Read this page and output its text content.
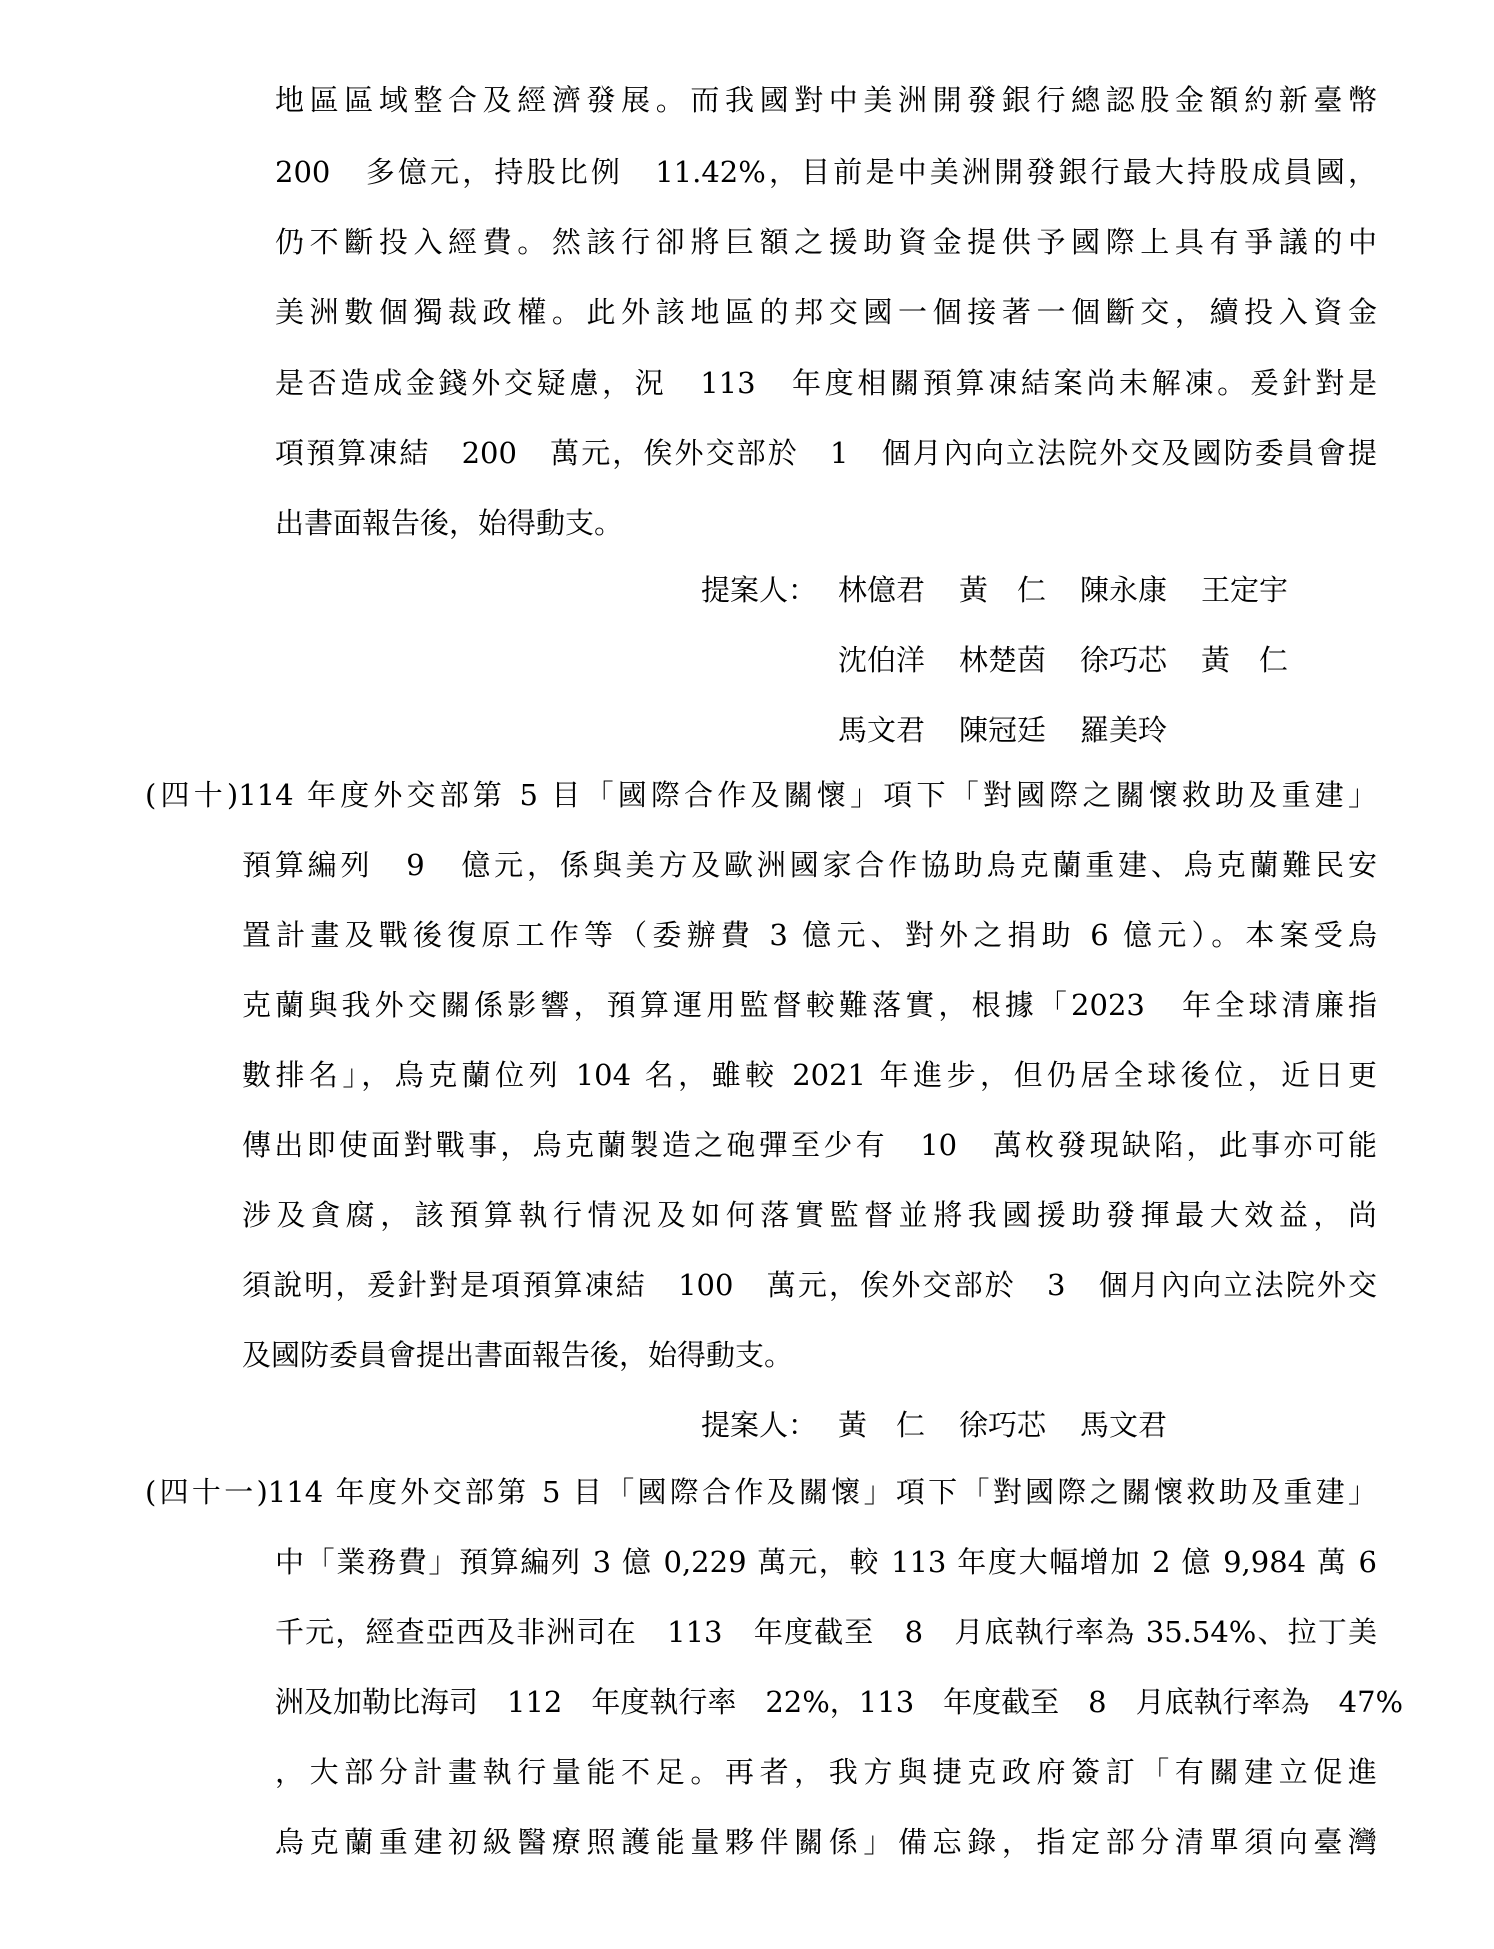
地區區域整合及經濟發展。而我國對中美洲開發銀行總認股金額約新臺幣
200　多億元，持股比例　11.42%，目前是中美洲開發銀行最大持股成員國，
仍不斷投入經費。然該行卻將巨額之援助資金提供予國際上具有爭議的中
美洲數個獨裁政權。此外該地區的邦交國一個接著一個斷交，續投入資金
是否造成金錢外交疑慮，況　113　年度相關預算凍結案尚未解凍。爰針對是
項預算凍結　200　萬元，俟外交部於　1　個月內向立法院外交及國防委員會提
出書面報告後，始得動支。
提案人： 林億君 黃　仁 陳永康 王定宇
沈伯洋 林楚茵 徐巧芯 黃　仁
馬文君 陳冠廷 羅美玲
(四十)114 年度外交部第 5 目「國際合作及關懷」項下「對國際之關懷救助及重建」
預算編列　9　億元，係與美方及歐洲國家合作協助烏克蘭重建、烏克蘭難民安
置計畫及戰後復原工作等（委辦費 3 億元、對外之捐助 6 億元）。本案受烏
克蘭與我外交關係影響，預算運用監督較難落實，根據「2023　年全球清廉指
數排名」，烏克蘭位列 104 名，雖較 2021 年進步，但仍居全球後位，近日更
傳出即使面對戰事，烏克蘭製造之砲彈至少有　10　萬枚發現缺陷，此事亦可能
涉及貪腐，該預算執行情況及如何落實監督並將我國援助發揮最大效益，尚
須說明，爰針對是項預算凍結　100　萬元，俟外交部於　3　個月內向立法院外交
及國防委員會提出書面報告後，始得動支。
提案人： 黃　仁 徐巧芯 馬文君
(四十一)114 年度外交部第 5 目「國際合作及關懷」項下「對國際之關懷救助及重建」
中「業務費」預算編列 3 億 0,229 萬元，較 113 年度大幅增加 2 億 9,984 萬 6
千元，經查亞西及非洲司在　113　年度截至　8　月底執行率為 35.54%、拉丁美
洲及加勒比海司　112　年度執行率　22%，113　年度截至　8　月底執行率為　47%
，大部分計畫執行量能不足。再者，我方與捷克政府簽訂「有關建立促進
烏克蘭重建初級醫療照護能量夥伴關係」備忘錄，指定部分清單須向臺灣
